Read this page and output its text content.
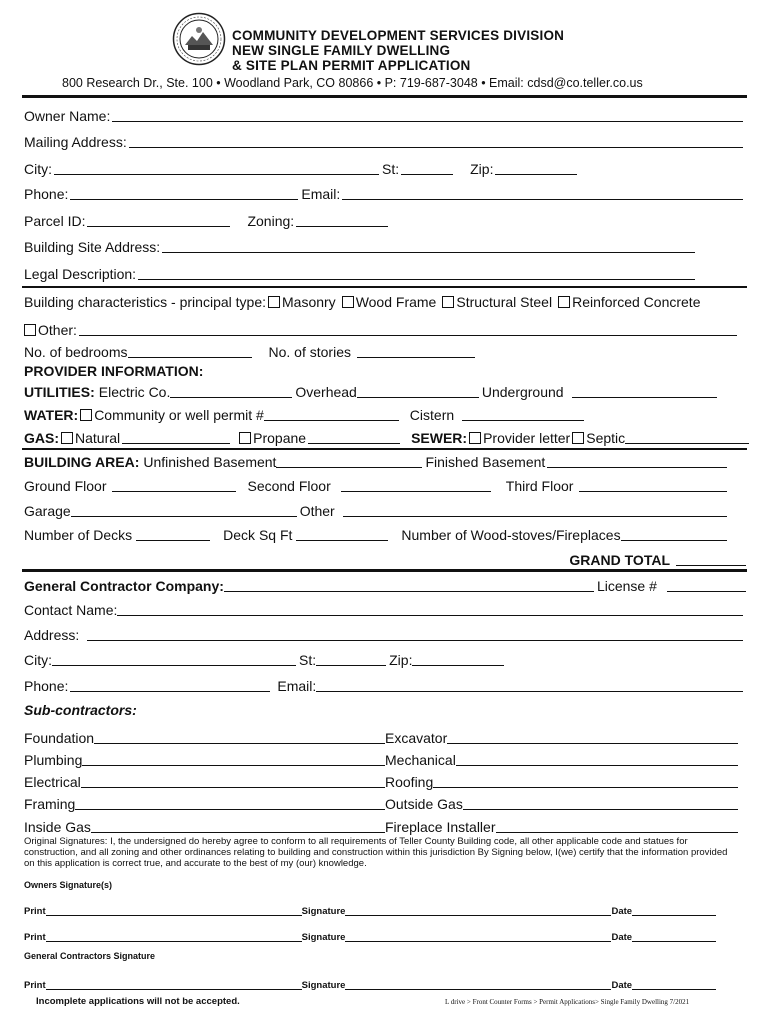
COMMUNITY DEVELOPMENT SERVICES DIVISION
NEW SINGLE FAMILY DWELLING
& SITE PLAN PERMIT APPLICATION
800 Research Dr., Ste. 100 • Woodland Park, CO 80866 • P: 719-687-3048 • Email: cdsd@co.teller.co.us
Owner Name:
Mailing Address:
City:	St:	Zip:
Phone:	Email:
Parcel ID:	Zoning:
Building Site Address:
Legal Description:
Building characteristics - principal type: Masonry Wood Frame Structural Steel Reinforced Concrete
Other:
No. of bedrooms	No. of stories
PROVIDER INFORMATION:
UTILITIES: Electric Co.	Overhead	Underground
WATER: Community or well permit #	Cistern
GAS: Natural	Propane	SEWER: Provider letter Septic
BUILDING AREA: Unfinished Basement	Finished Basement
Ground Floor	Second Floor	Third Floor
Garage	Other
Number of Decks	Deck Sq Ft	Number of Wood-stoves/Fireplaces
GRAND TOTAL
General Contractor Company:	License #
Contact Name:
Address:
City:	St:	Zip:
Phone:	Email:
Sub-contractors:
Foundation	Excavator
Plumbing	Mechanical
Electrical	Roofing
Framing	Outside Gas
Inside Gas	Fireplace Installer
Original Signatures: I, the undersigned do hereby agree to conform to all requirements of Teller County Building code, all other applicable code and statues for construction, and all zoning and other ordinances relating to building and construction within this jurisdiction By Signing below, I(we) certify that the information provided on this application is correct true, and accurate to the best of my (our) knowledge.
Owners Signature(s)
Print	Signature	Date
Print	Signature	Date
General Contractors Signature
Print	Signature	Date
Incomplete applications will not be accepted.	L drive > Front Counter Forms > Permit Applications> Single Family Dwelling 7/2021
